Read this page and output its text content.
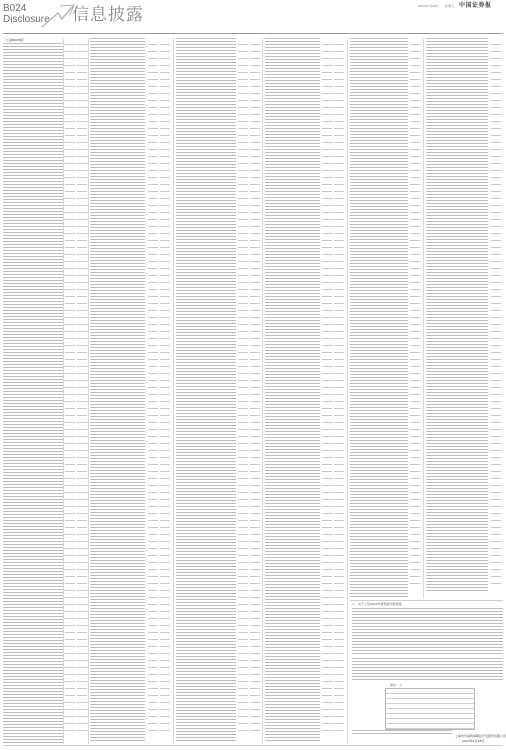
B024
Disclosure 信息披露	2023年4月28日 星期五 中国证券报
（上接B023版）
八、关于公司2022年度利润分配预案
单位：元
上海市外高桥保税区开发股份有限公司
2023年4月28日
